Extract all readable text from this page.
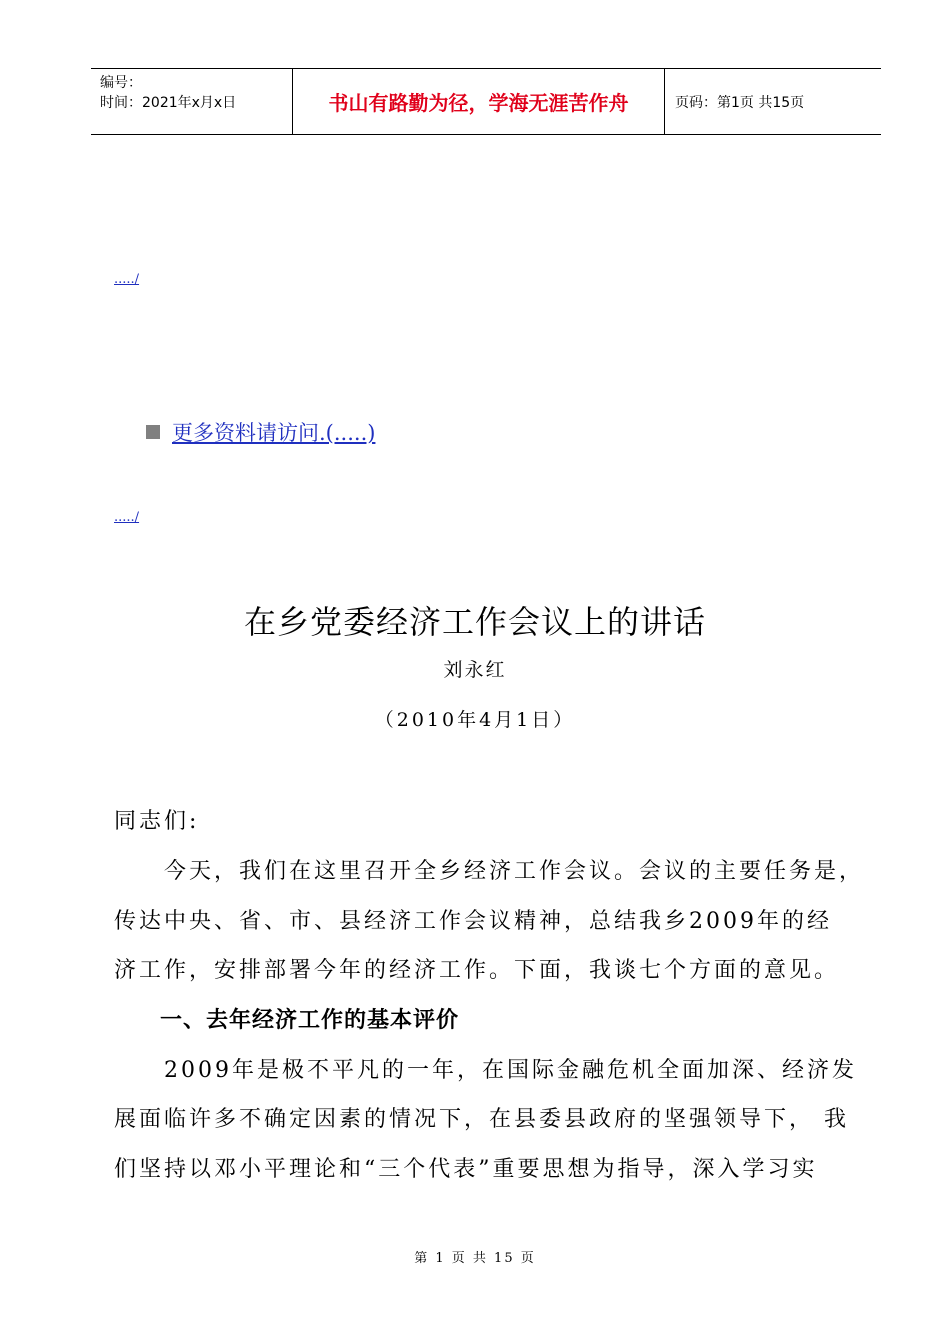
编号：
时间：2021年x月x日	书山有路勤为径，学海无涯苦作舟	页码：第1页 共15页
...../
更多资料请访问.(.....)
...../
在乡党委经济工作会议上的讲话
刘永红
（2010年4月1日）
同志们:
　　今天，我们在这里召开全乡经济工作会议。会议的主要任务是，
传达中央、省、市、县经济工作会议精神，总结我乡2009年的经
济工作，安排部署今年的经济工作。下面，我谈七个方面的意见。
　　一、去年经济工作的基本评价
　　2009年是极不平凡的一年，在国际金融危机全面加深、经济发
展面临许多不确定因素的情况下，在县委县政府的坚强领导下， 我
们坚持以邓小平理论和“三个代表”重要思想为指导，深入学习实
第 1 页 共 15 页
